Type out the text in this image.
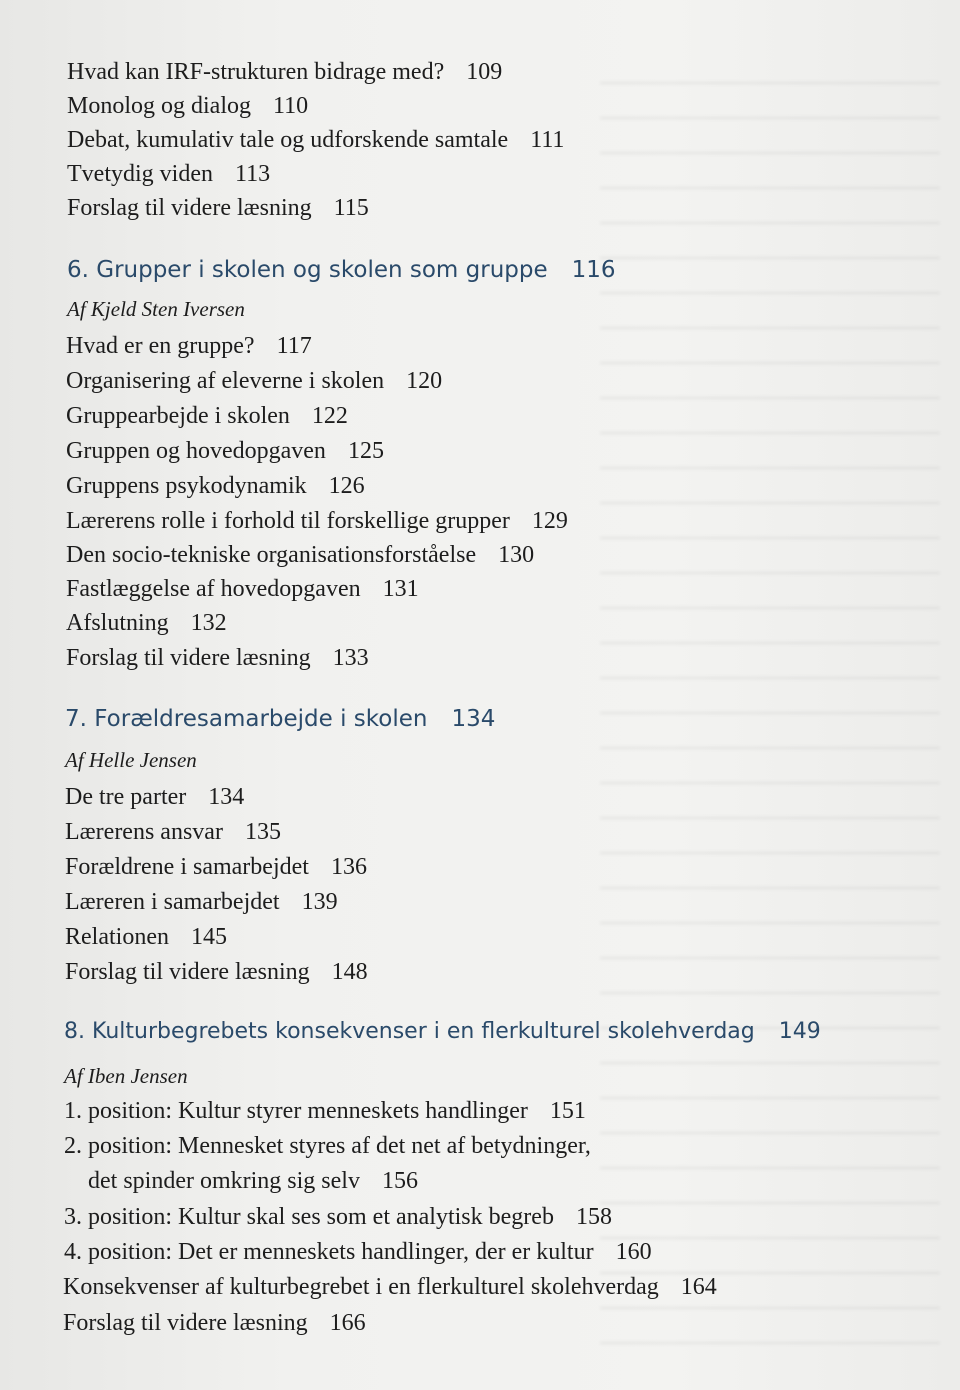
Hvad kan IRF-strukturen bidrage med? 109
Monolog og dialog 110
Debat, kumulativ tale og udforskende samtale 111
Tvetydig viden 113
Forslag til videre læsning 115
6. Grupper i skolen og skolen som gruppe 116
Af Kjeld Sten Iversen
Hvad er en gruppe? 117
Organisering af eleverne i skolen 120
Gruppearbejde i skolen 122
Gruppen og hovedopgaven 125
Gruppens psykodynamik 126
Lærerens rolle i forhold til forskellige grupper 129
Den socio-tekniske organisationsforståelse 130
Fastlæggelse af hovedopgaven 131
Afslutning 132
Forslag til videre læsning 133
7. Forældresamarbejde i skolen 134
Af Helle Jensen
De tre parter 134
Lærerens ansvar 135
Forældrene i samarbejdet 136
Læreren i samarbejdet 139
Relationen 145
Forslag til videre læsning 148
8. Kulturbegrebets konsekvenser i en flerkulturel skolehverdag 149
Af Iben Jensen
1. position: Kultur styrer menneskets handlinger 151
2. position: Mennesket styres af det net af betydninger,
det spinder omkring sig selv 156
3. position: Kultur skal ses som et analytisk begreb 158
4. position: Det er menneskets handlinger, der er kultur 160
Konsekvenser af kulturbegrebet i en flerkulturel skolehverdag 164
Forslag til videre læsning 166
